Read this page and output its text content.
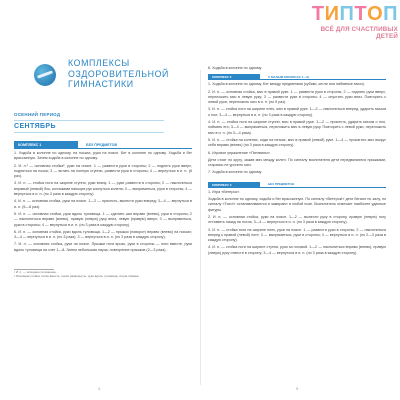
ТИПТОП
ВСЁ ДЛЯ СЧАСТЛИВЫХ ДЕТЕЙ
КОМПЛЕКСЫ
ОЗДОРОВИТЕЛЬНОЙ
ГИМНАСТИКИ
ОСЕННИЙ ПЕРИОД
СЕНТЯБРЬ
КОМПЛЕКС 1	БЕЗ ПРЕДМЕТОВ
1. Ходьба в колонне по одному, на носках, руки на поясе. Бег в колонне по одному. Ходьба и бег врассыпную. Затем ходьба в колонне по одному.
2. И. п.¹ — основная стойка², руки на поясе. 1 — развести руки в стороны; 2 — поднять руки вверх, подняться на носки; 3 — встать на полную ступню, развести руки в стороны; 4 — вернуться в и. п. (6 раз).
3. И. п. — стойка ноги на ширине ступни, руки внизу. 1 — руки развести в стороны; 2 — наклониться вправый (левый) бок, кончиками пальцев рук коснуться колена; 3 — выпрямиться, руки в стороны; 4 — вернуться в и. п. (по 3 раза в каждую сторону).
4. И. п. — основная стойка, руки на поясе. 1—2 — присесть, вынести руки вперед; 3—4 — вернуться в и. п. (5—6 раз).
5. И. п. — основная стойка, руки вдоль туловища. 1 — сделать шаг вправо (влево), руки в стороны; 2 — наклониться вправо (влево), правую (левую) руку вниз, левую (правую) вверх; 3 — выпрямиться, руки в стороны; 4 — вернуться в и. п. (по 3 раза в каждую сторону).
6. И. п. — основная стойка, руки вдоль туловища. 1—2 — прыжок (поворот) вправо (влево) на носках; 3—4 — вернуться в и. п. (по 3 раза). 3 — вернуться в и. п. (по 3 раза в каждую сторону).
7. И. п. — основная стойка, руки на поясе. Прыжки ноги врозь, руки в стороны — ноги вместе, руки вдоль туловища на счет 1—8. Затем небольшая пауза, повторение прыжков (2—3 раза).
¹ И. п. — исходное положение.
² Основная стойка: пятки вместе, носки развернуты, руки вдоль туловища, спина прямая.
4
8. Ходьба в колонне по одному.
КОМПЛЕКС 2	С МАЛЫМ МЯЧОМ (№ 1—2)
1. Ходьба в колонне по одному. Бег между предметами (кубики, кегли или набивные мячи).
2. И. п. — основная стойка, мяч в правой руке. 1 — развести руки в стороны; 2 — поднять руки вверх, переложить мяч в левую руку; 3 — развести руки в стороны; 4 — опустить руки вниз. Повторить с левой руки, переложить мяч в и. п. (по 5 раз).
3. И. п. — стойка ноги на ширине плеч, мяч в правой руке. 1—2 — наклониться вперед, ударить мячом о пол; 3—4 — вернуться в и. п. (по 3 раза в каждую сторону).
4. И. п. — стойка ноги на ширине ступни, мяч в правой руке. 1—2 — присесть, ударить мячом о пол, поймать его; 3—4 — выпрямиться, переложить мяч в левую руку. Повторить с левой руки, переложить мяч в и. п. (по 3—4 раза).
5. И. п. — стойка на коленях, сидя на пятках, мяч в правой (левой) руке. 1—4 — прокатить мяч вокруг себя вправо (влево) (по 3 раза в каждую сторону).
6. Игровое упражнение «Пингвины».
Дети стоят по кругу, зажав мяч между колен. По сигналу воспитателя дети передвигаются прыжками, стараясь не уронить мяч.
7. Ходьба в колонне по одному.
КОМПЛЕКС 3	БЕЗ ПРЕДМЕТОВ
1. Игра «Ветерок».
Ходьба в колонне по одному, ходьба и бег врассыпную. По сигналу «Ветерок!» дети бегают по залу, по сигналу «Тихо!» останавливаются и замирают в любой позе. Воспитатель отмечает наиболее удачные фигуры.
2. И. п. — основная стойка, руки на поясе. 1—2 — вынести руку в сторону, правую (левую) ногу отставить назад на носок; 3—4 — вернуться в и. п. (по 3 раза в каждую сторону).
3. И. п. — стойка ноги на ширине плеч, руки на поясе. 1 — развести руки в стороны; 2 — наклониться вперед к правой (левой) ноге; 3 — выпрямиться, руки в стороны; 4 — вернуться в и. п. (по 2—3 раза в каждую сторону).
4. И. п. — стойка ноги на ширине ступни, руки за головой. 1—2 — наклониться вправо (влево), правую (левую) руку отвести в сторону; 3—4 — вернуться в и. п. (по 3 раза в каждую сторону).
5
